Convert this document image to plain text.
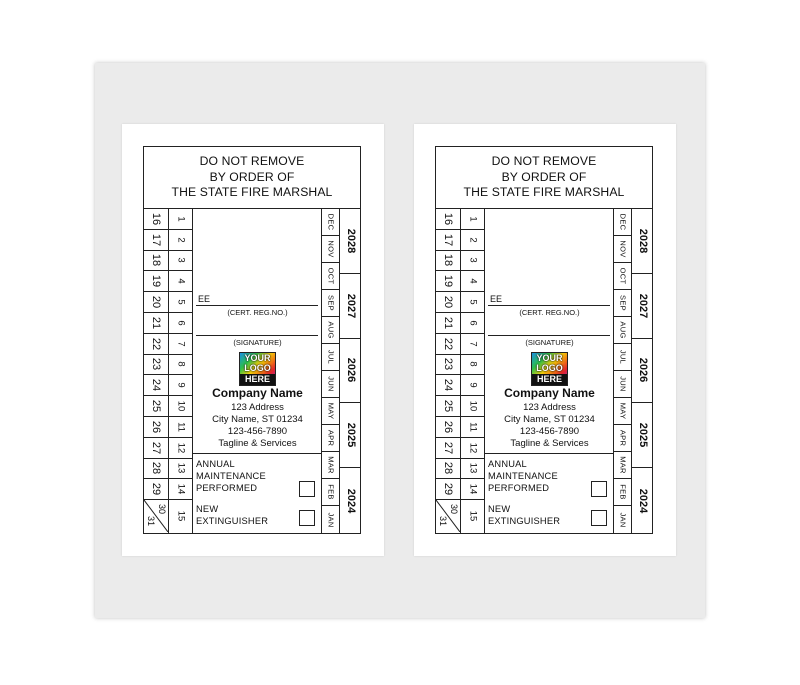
DO NOT REMOVE
BY ORDER OF
THE STATE FIRE MARSHAL
16
17
18
19
20
21
22
23
24
25
26
27
28
29
30
31
1
2
3
4
5
6
7
8
9
10
11
12
13
14
15
EE
(CERT. REG.NO.)
(SIGNATURE)
YOUR
LOGO
HERE
Company Name
123 Address
City Name, ST 01234
123-456-7890
Tagline & Services
ANNUAL
MAINTENANCE
PERFORMED
NEW
EXTINGUISHER
DEC
NOV
OCT
SEP
AUG
JUL
JUN
MAY
APR
MAR
FEB
JAN
2028
2027
2026
2025
2024
DO NOT REMOVE
BY ORDER OF
THE STATE FIRE MARSHAL
16
17
18
19
20
21
22
23
24
25
26
27
28
29
30
31
1
2
3
4
5
6
7
8
9
10
11
12
13
14
15
EE
(CERT. REG.NO.)
(SIGNATURE)
YOUR
LOGO
HERE
Company Name
123 Address
City Name, ST 01234
123-456-7890
Tagline & Services
ANNUAL
MAINTENANCE
PERFORMED
NEW
EXTINGUISHER
DEC
NOV
OCT
SEP
AUG
JUL
JUN
MAY
APR
MAR
FEB
JAN
2028
2027
2026
2025
2024
